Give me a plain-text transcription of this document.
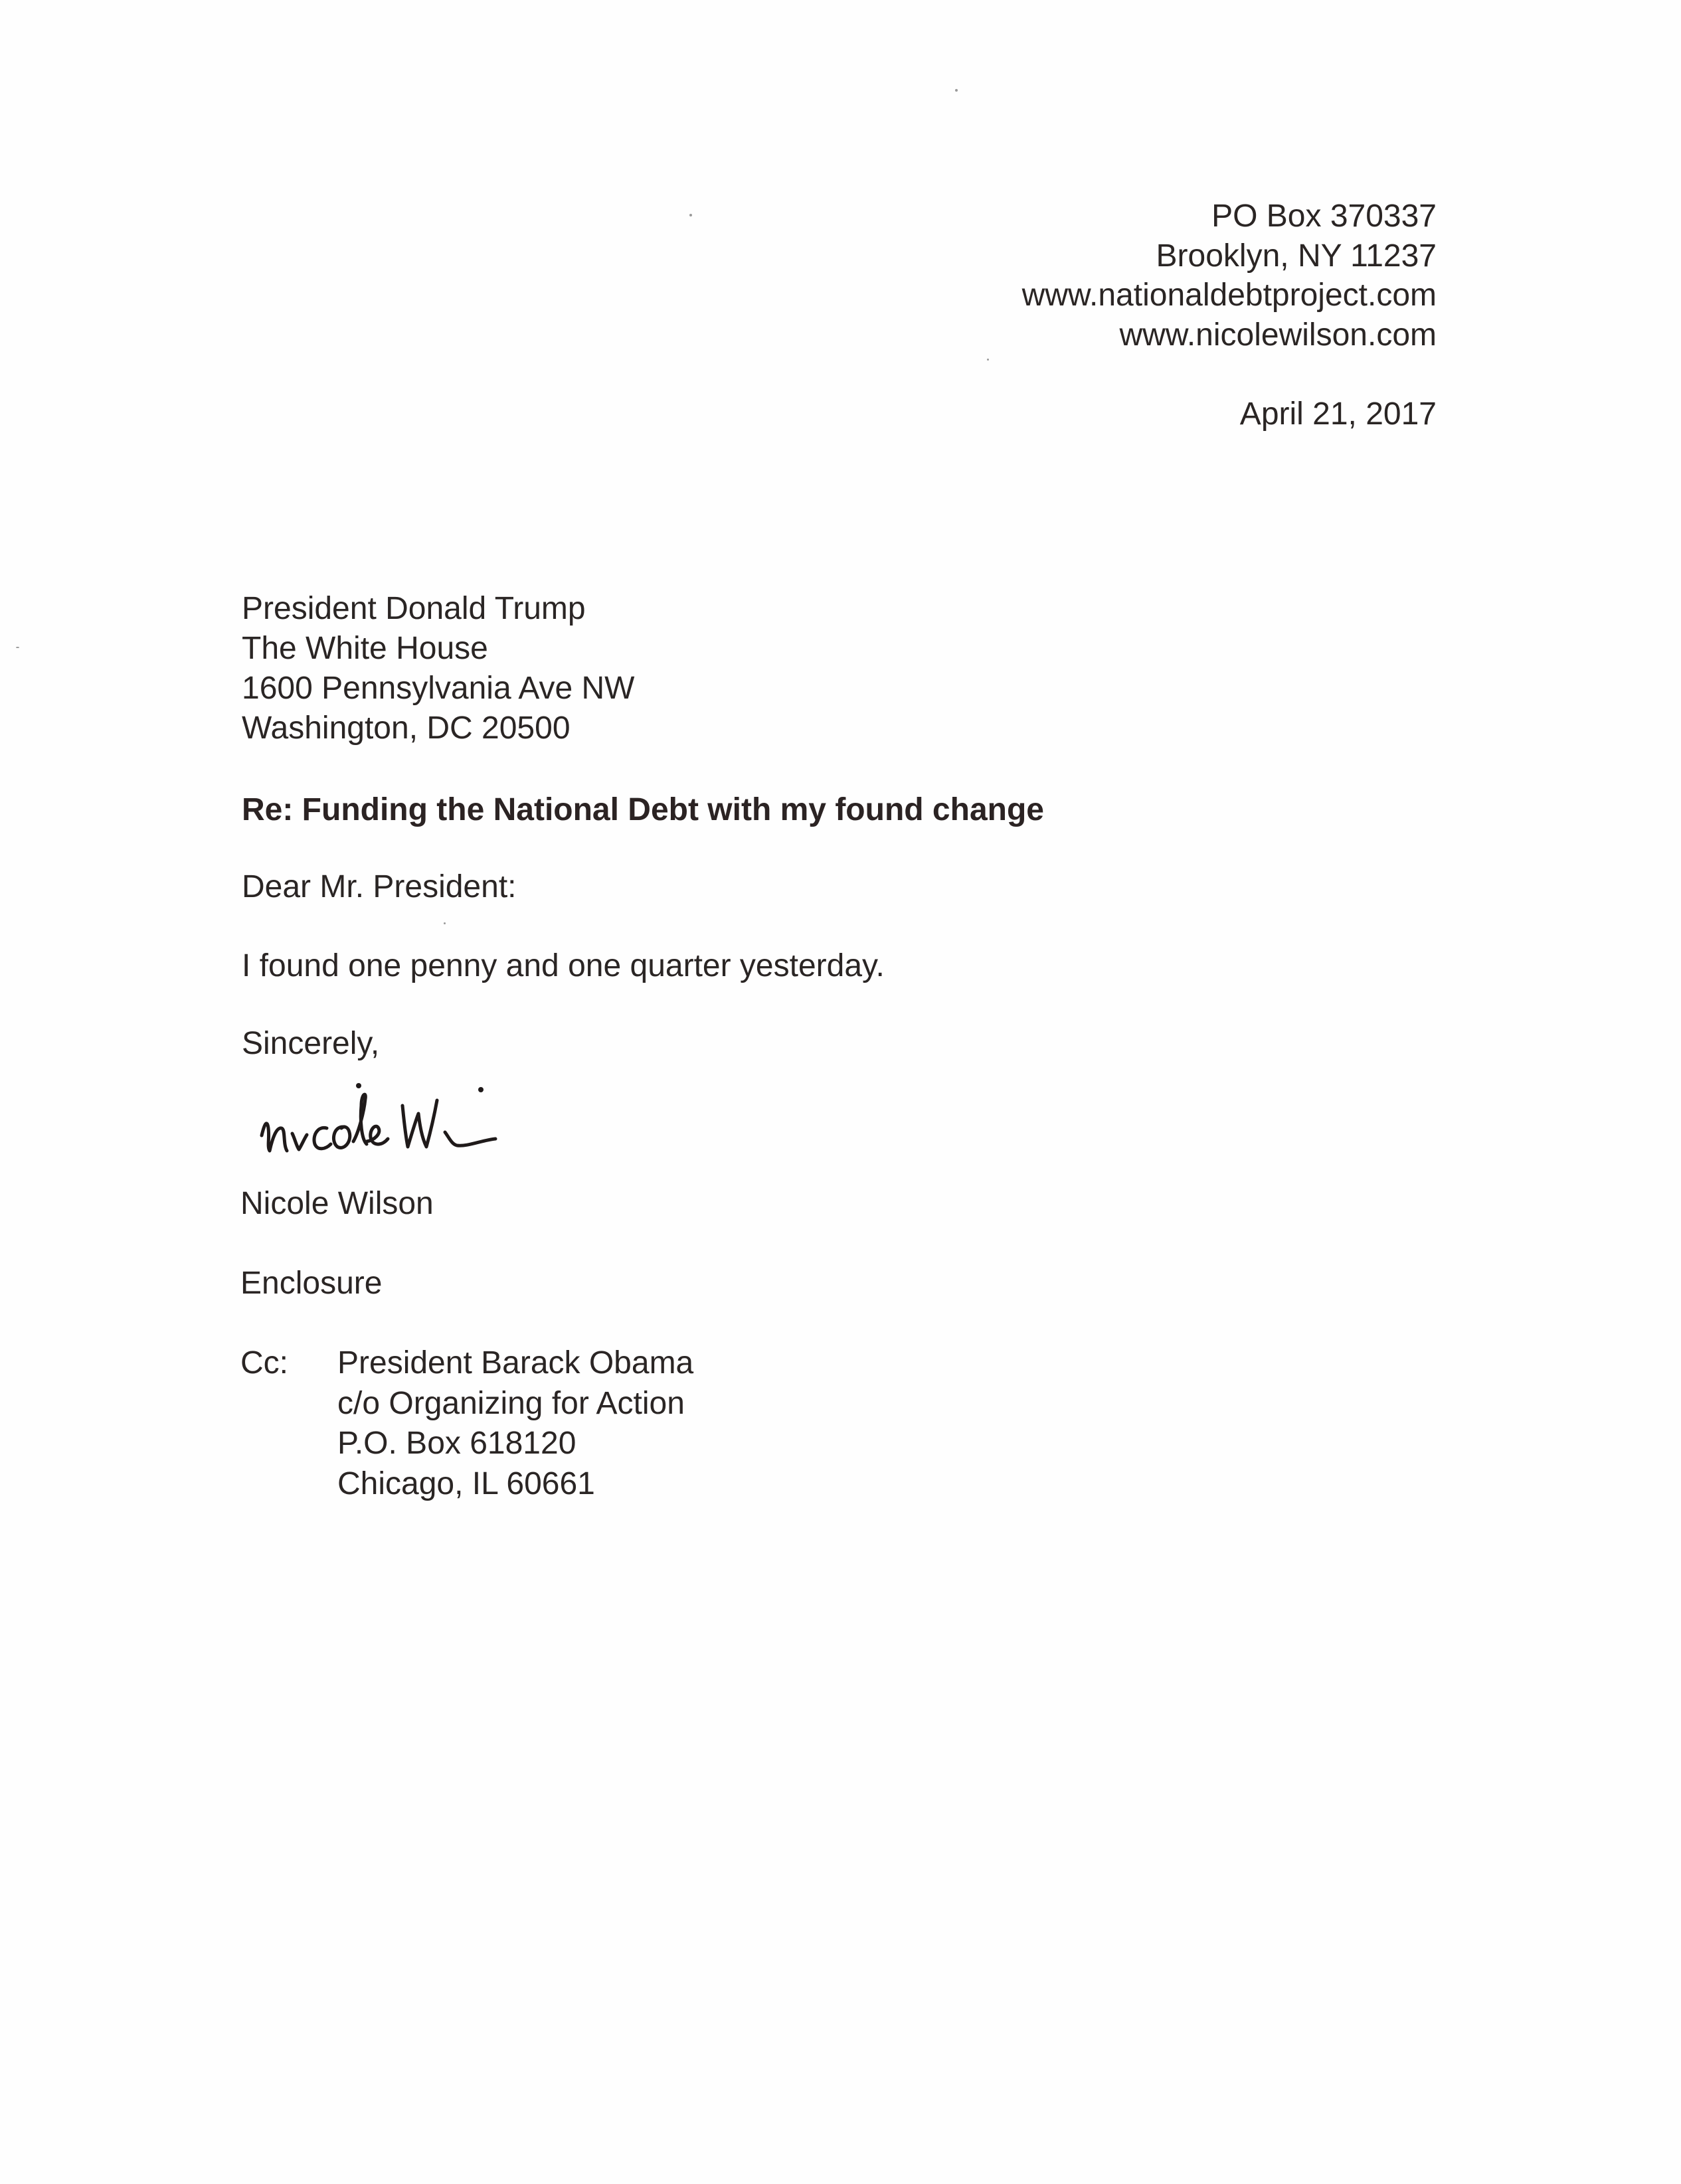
PO Box 370337
Brooklyn, NY 11237
www.nationaldebtproject.com
www.nicolewilson.com
April 21, 2017
President Donald Trump
The White House
1600 Pennsylvania Ave NW
Washington, DC 20500
Re: Funding the National Debt with my found change
Dear Mr. President:
I found one penny and one quarter yesterday.
Sincerely,
Nicole Wilson
Enclosure
Cc: President Barack Obama
c/o Organizing for Action
P.O. Box 618120
Chicago, IL 60661
